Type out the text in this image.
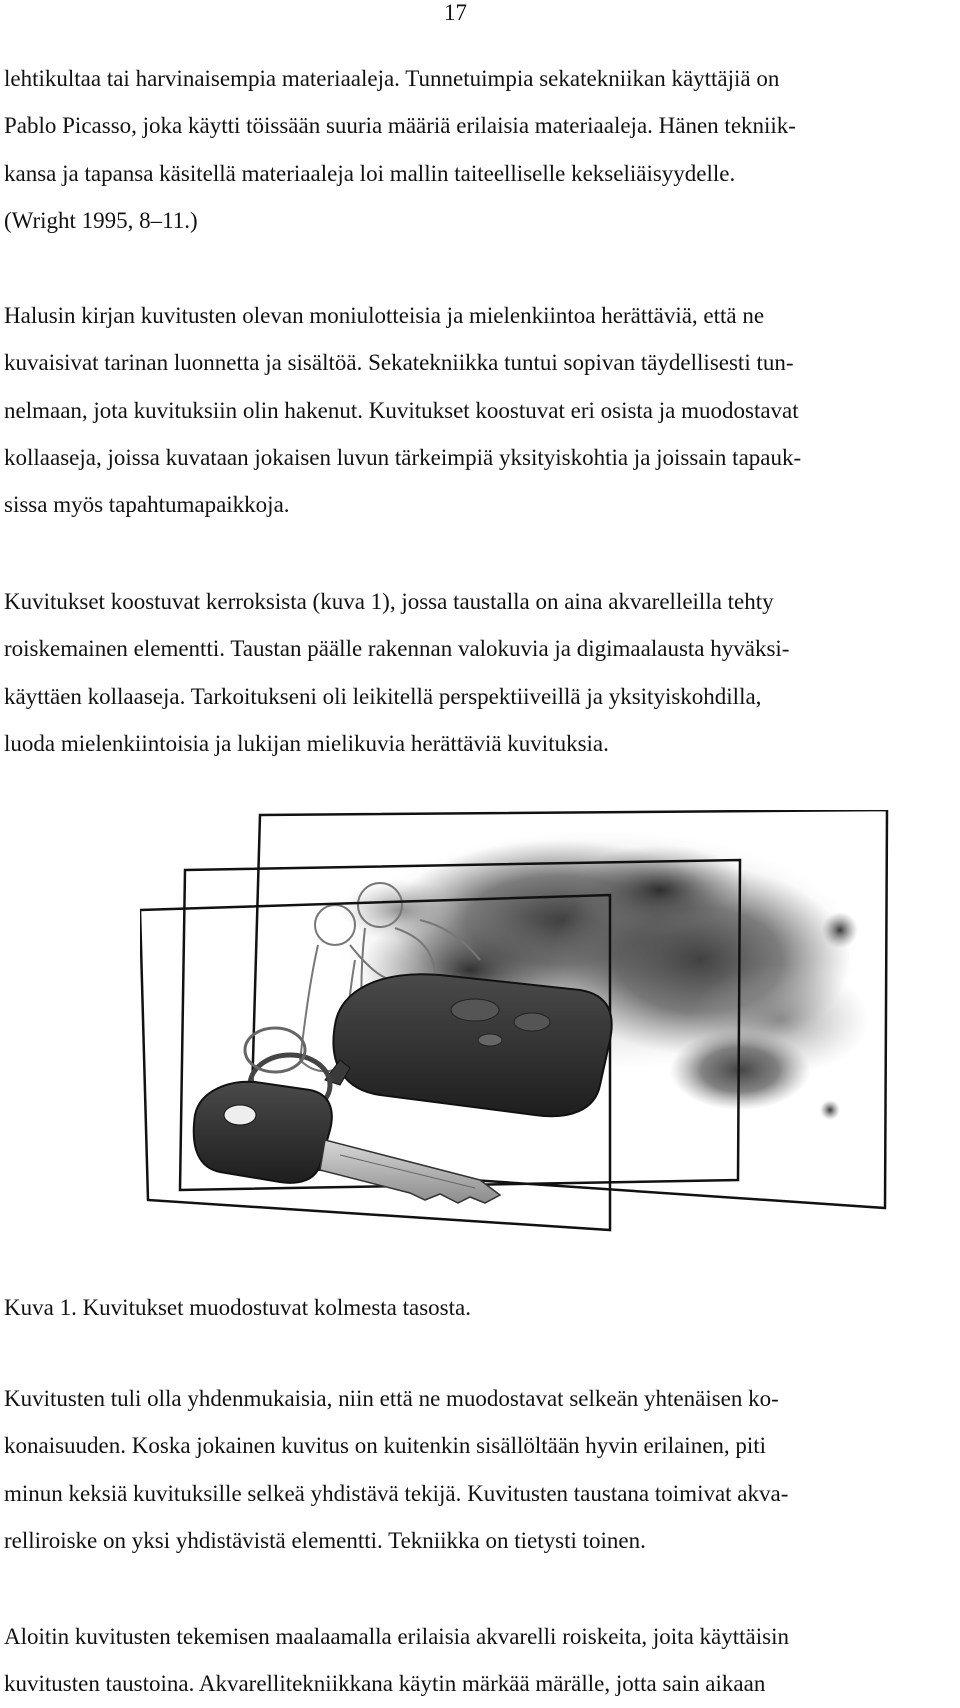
17
lehtikultaa tai harvinaisempia materiaaleja. Tunnetuimpia sekatekniikan käyttäjiä on
Pablo Picasso, joka käytti töissään suuria määriä erilaisia materiaaleja. Hänen tekniik-
kansa ja tapansa käsitellä materiaaleja loi mallin taiteelliselle kekseliäisyydelle.
(Wright 1995, 8–11.)
Halusin kirjan kuvitusten olevan moniulotteisia ja mielenkiintoa herättäviä, että ne
kuvaisivat tarinan luonnetta ja sisältöä. Sekatekniikka tuntui sopivan täydellisesti tun-
nelmaan, jota kuvituksiin olin hakenut. Kuvitukset koostuvat eri osista ja muodostavat
kollaaseja, joissa kuvataan jokaisen luvun tärkeimpiä yksityiskohtia ja joissain tapauk-
sissa myös tapahtumapaikkoja.
Kuvitukset koostuvat kerroksista (kuva 1), jossa taustalla on aina akvarelleilla tehty
roiskemainen elementti. Taustan päälle rakennan valokuvia ja digimaalausta hyväksi-
käyttäen kollaaseja. Tarkoitukseni oli leikitellä perspektiiveillä ja yksityiskohdilla,
luoda mielenkiintoisia ja lukijan mielikuvia herättäviä kuvituksia.
Kuva 1. Kuvitukset muodostuvat kolmesta tasosta.
Kuvitusten tuli olla yhdenmukaisia, niin että ne muodostavat selkeän yhtenäisen ko-
konaisuuden. Koska jokainen kuvitus on kuitenkin sisällöltään hyvin erilainen, piti
minun keksiä kuvituksille selkeä yhdistävä tekijä. Kuvitusten taustana toimivat akva-
relliroiske on yksi yhdistävistä elementti. Tekniikka on tietysti toinen.
Aloitin kuvitusten tekemisen maalaamalla erilaisia akvarelli roiskeita, joita käyttäisin
kuvitusten taustoina. Akvarellitekniikkana käytin märkää märälle, jotta sain aikaan
